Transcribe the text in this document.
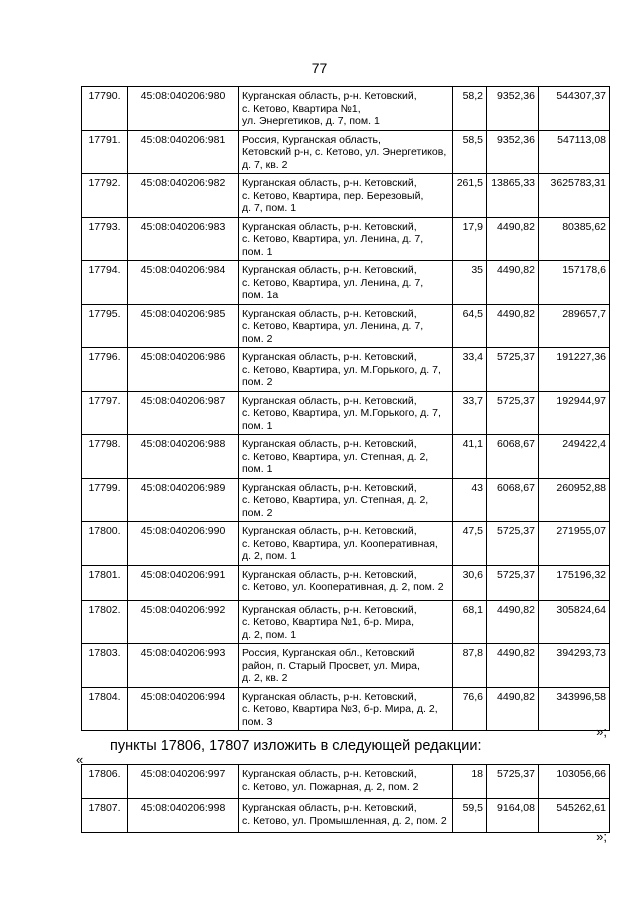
77
17790.	45:08:040206:980	Курганская область, р-н. Кетовский,
с. Кетово, Квартира №1,
ул. Энергетиков, д. 7, пом. 1	58,2	9352,36	544307,37
17791.	45:08:040206:981	Россия, Курганская область,
Кетовский р-н, с. Кетово, ул. Энергетиков,
д. 7, кв. 2	58,5	9352,36	547113,08
17792.	45:08:040206:982	Курганская область, р-н. Кетовский,
с. Кетово, Квартира, пер. Березовый,
д. 7, пом. 1	261,5	13865,33	3625783,31
17793.	45:08:040206:983	Курганская область, р-н. Кетовский,
с. Кетово, Квартира, ул. Ленина, д. 7,
пом. 1	17,9	4490,82	80385,62
17794.	45:08:040206:984	Курганская область, р-н. Кетовский,
с. Кетово, Квартира, ул. Ленина, д. 7,
пом. 1а	35	4490,82	157178,6
17795.	45:08:040206:985	Курганская область, р-н. Кетовский,
с. Кетово, Квартира, ул. Ленина, д. 7,
пом. 2	64,5	4490,82	289657,7
17796.	45:08:040206:986	Курганская область, р-н. Кетовский,
с. Кетово, Квартира, ул. М.Горького, д. 7,
пом. 2	33,4	5725,37	191227,36
17797.	45:08:040206:987	Курганская область, р-н. Кетовский,
с. Кетово, Квартира, ул. М.Горького, д. 7,
пом. 1	33,7	5725,37	192944,97
17798.	45:08:040206:988	Курганская область, р-н. Кетовский,
с. Кетово, Квартира, ул. Степная, д. 2,
пом. 1	41,1	6068,67	249422,4
17799.	45:08:040206:989	Курганская область, р-н. Кетовский,
с. Кетово, Квартира, ул. Степная, д. 2,
пом. 2	43	6068,67	260952,88
17800.	45:08:040206:990	Курганская область, р-н. Кетовский,
с. Кетово, Квартира, ул. Кооперативная,
д. 2, пом. 1	47,5	5725,37	271955,07
17801.	45:08:040206:991	Курганская область, р-н. Кетовский,
с. Кетово, ул. Кооперативная, д. 2, пом. 2	30,6	5725,37	175196,32
17802.	45:08:040206:992	Курганская область, р-н. Кетовский,
с. Кетово, Квартира №1, б-р. Мира,
д. 2, пом. 1	68,1	4490,82	305824,64
17803.	45:08:040206:993	Россия, Курганская обл., Кетовский
район, п. Старый Просвет, ул. Мира,
д. 2, кв. 2	87,8	4490,82	394293,73
17804.	45:08:040206:994	Курганская область, р-н. Кетовский,
с. Кетово, Квартира №3, б-р. Мира, д. 2,
пом. 3	76,6	4490,82	343996,58
»;
пункты 17806, 17807 изложить в следующей редакции:
«
17806.	45:08:040206:997	Курганская область, р-н. Кетовский,
с. Кетово, ул. Пожарная, д. 2, пом. 2	18	5725,37	103056,66
17807.	45:08:040206:998	Курганская область, р-н. Кетовский,
с. Кетово, ул. Промышленная, д. 2, пом. 2	59,5	9164,08	545262,61
»;
